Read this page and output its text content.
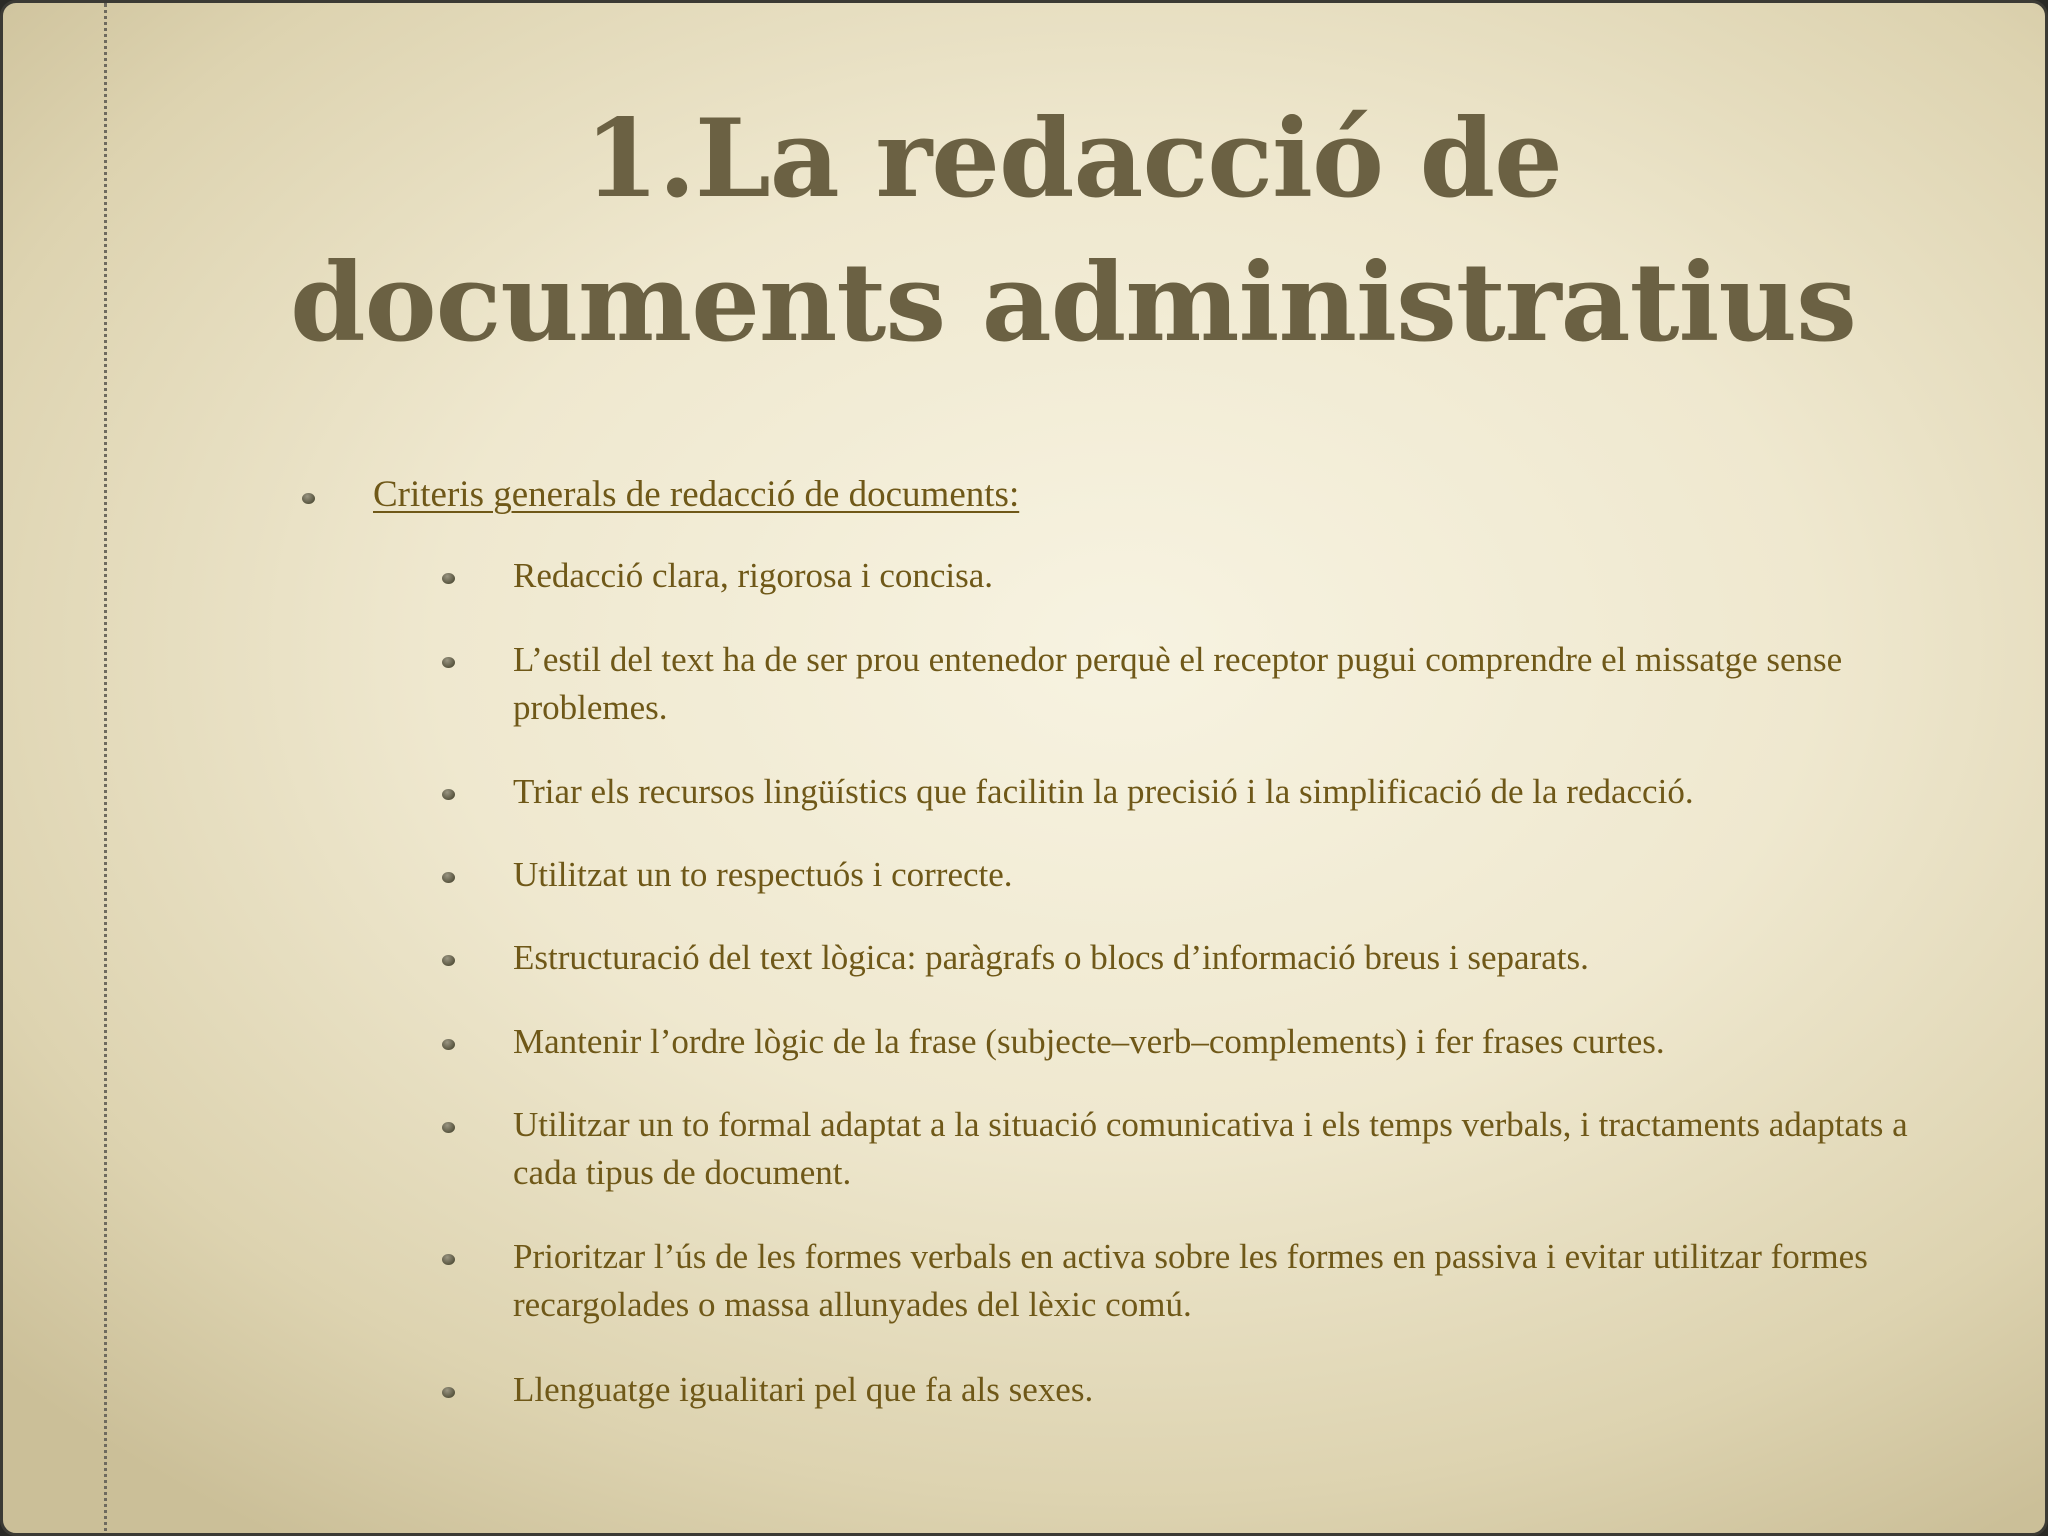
1.La redacció de
documents administratius
Criteris generals de redacció de documents:
Redacció clara, rigorosa i concisa.
L’estil del text ha de ser prou entenedor perquè el receptor pugui comprendre el missatge sense problemes.
Triar els recursos lingüístics que facilitin la precisió i la simplificació de la redacció.
Utilitzat un to respectuós i correcte.
Estructuració del text lògica: paràgrafs o blocs d’informació breus i separats.
Mantenir l’ordre lògic de la frase (subjecte–verb–complements) i fer frases curtes.
Utilitzar un to formal adaptat a la situació comunicativa i els temps verbals, i tractaments adaptats a cada tipus de document.
Prioritzar l’ús de les formes verbals en activa sobre les formes en passiva i evitar utilitzar formes recargolades o massa allunyades del lèxic comú.
Llenguatge igualitari pel que fa als sexes.
